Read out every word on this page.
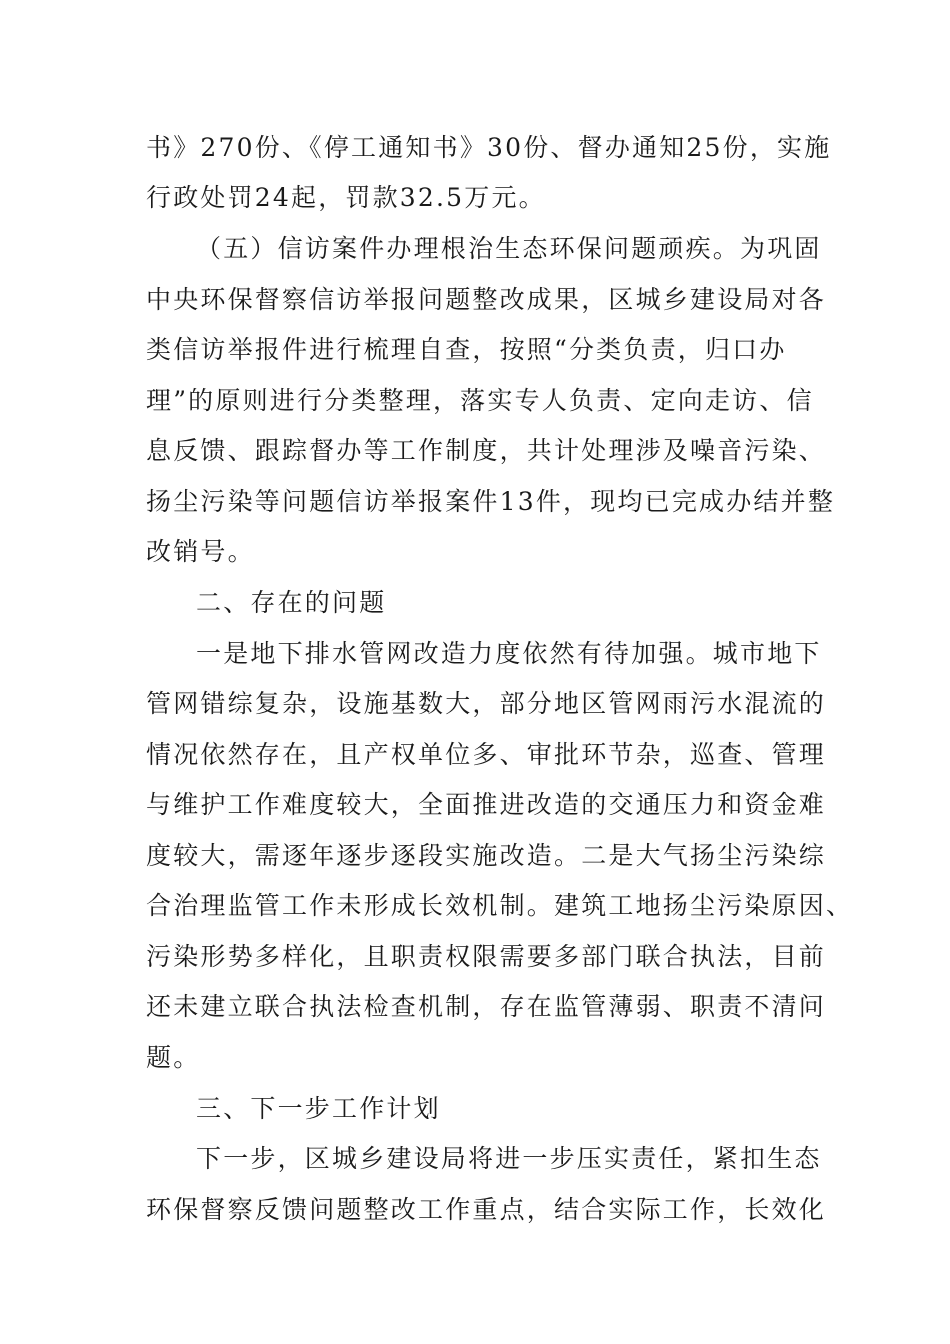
书》270份、《停工通知书》30份、督办通知25份，实施
行政处罚24起，罚款32.5万元。
（五）信访案件办理根治生态环保问题顽疾。为巩固
中央环保督察信访举报问题整改成果，区城乡建设局对各
类信访举报件进行梳理自查，按照“分类负责，归口办
理”的原则进行分类整理，落实专人负责、定向走访、信
息反馈、跟踪督办等工作制度，共计处理涉及噪音污染、
扬尘污染等问题信访举报案件13件，现均已完成办结并整
改销号。
二、存在的问题
一是地下排水管网改造力度依然有待加强。城市地下
管网错综复杂，设施基数大，部分地区管网雨污水混流的
情况依然存在，且产权单位多、审批环节杂，巡查、管理
与维护工作难度较大，全面推进改造的交通压力和资金难
度较大，需逐年逐步逐段实施改造。二是大气扬尘污染综
合治理监管工作未形成长效机制。建筑工地扬尘污染原因、
污染形势多样化，且职责权限需要多部门联合执法，目前
还未建立联合执法检查机制，存在监管薄弱、职责不清问
题。
三、下一步工作计划
下一步，区城乡建设局将进一步压实责任，紧扣生态
环保督察反馈问题整改工作重点，结合实际工作，长效化
